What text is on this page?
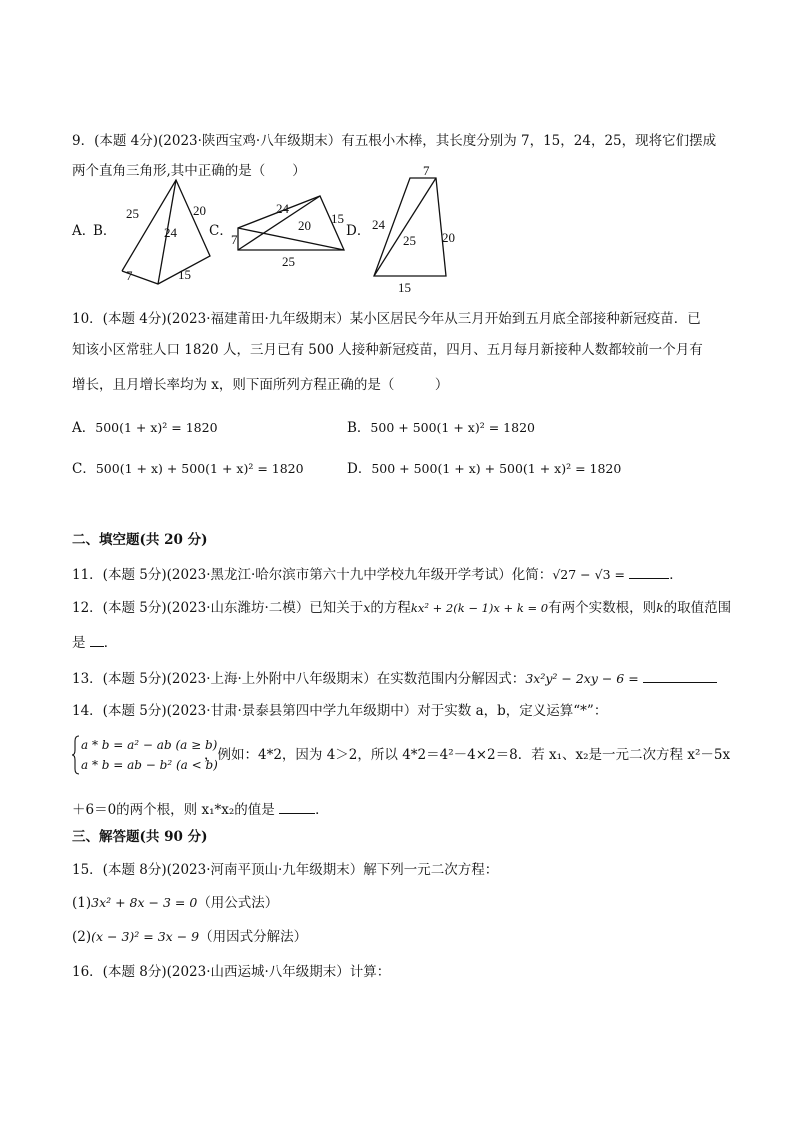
9．(本题 4分)(2023·陕西宝鸡·八年级期末）有五根小木棒，其长度分别为 7，15，24，25，现将它们摆成
两个直角三角形,其中正确的是（　　）
A．
B．
25	20
24
7	15
C．
7
24
20 15
25
D．
7
24
25 20
15
10．(本题 4分)(2023·福建莆田·九年级期末）某小区居民今年从三月开始到五月底全部接种新冠疫苗．已
知该小区常驻人口 1820 人，三月已有 500 人接种新冠疫苗，四月、五月每月新接种人数都较前一个月有
增长，且月增长率均为 x，则下面所列方程正确的是（　　　）
A．500(1 + x)² = 1820	B．500 + 500(1 + x)² = 1820
C．500(1 + x) + 500(1 + x)² = 1820	D．500 + 500(1 + x) + 500(1 + x)² = 1820
二、填空题(共 20 分)
11．(本题 5分)(2023·黑龙江·哈尔滨市第六十九中学校九年级开学考试）化简：√27 − √3 =	．
12．(本题 5分)(2023·山东潍坊·二模）已知关于x的方程kx² + 2(k − 1)x + k = 0有两个实数根，则k的取值范围
是 ．
13．(本题 5分)(2023·上海·上外附中八年级期末）在实数范围内分解因式：3x²y² − 2xy − 6 =
14．(本题 5分)(2023·甘肃·景泰县第四中学九年级期中）对于实数 a，b，定义运算“*”：
a * b = a² − ab (a ≥ b)
a * b = ab − b² (a < b)
，例如：4*2，因为 4＞2，所以 4*2＝4²－4×2＝8．若 x₁、x₂是一元二次方程 x²－5x
＋6＝0的两个根，则 x₁*x₂的值是	．
三、解答题(共 90 分)
15．(本题 8分)(2023·河南平顶山·九年级期末）解下列一元二次方程：
(1)3x² + 8x − 3 = 0（用公式法）
(2)(x − 3)² = 3x − 9（用因式分解法）
16．(本题 8分)(2023·山西运城·八年级期末）计算：
